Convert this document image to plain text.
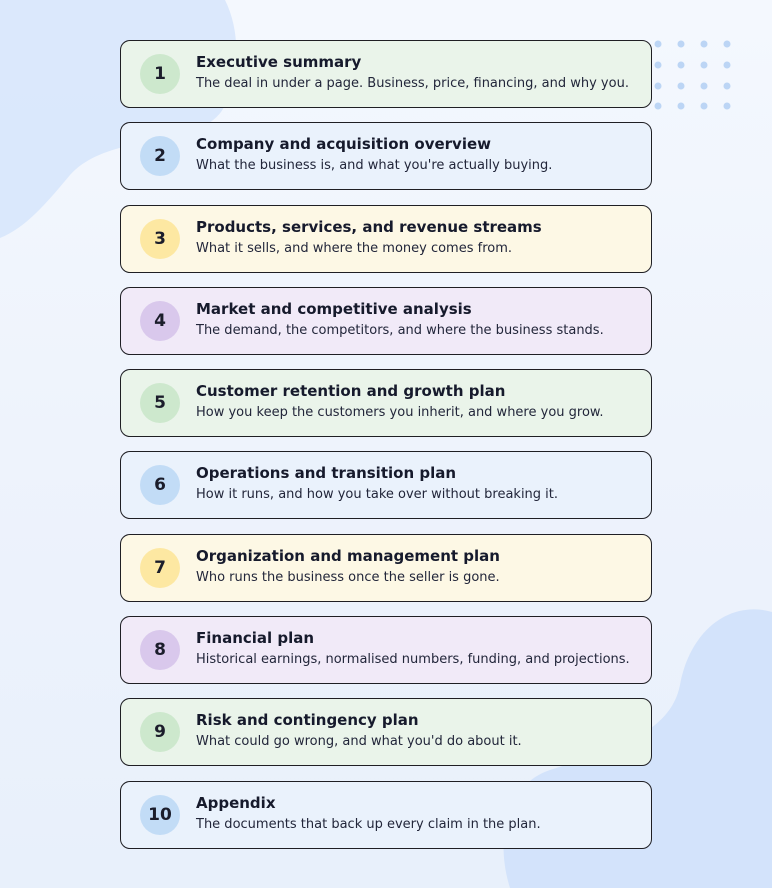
1
Executive summary
The deal in under a page. Business, price, financing, and why you.
2
Company and acquisition overview
What the business is, and what you're actually buying.
3
Products, services, and revenue streams
What it sells, and where the money comes from.
4
Market and competitive analysis
The demand, the competitors, and where the business stands.
5
Customer retention and growth plan
How you keep the customers you inherit, and where you grow.
6
Operations and transition plan
How it runs, and how you take over without breaking it.
7
Organization and management plan
Who runs the business once the seller is gone.
8
Financial plan
Historical earnings, normalised numbers, funding, and projections.
9
Risk and contingency plan
What could go wrong, and what you'd do about it.
10
Appendix
The documents that back up every claim in the plan.
